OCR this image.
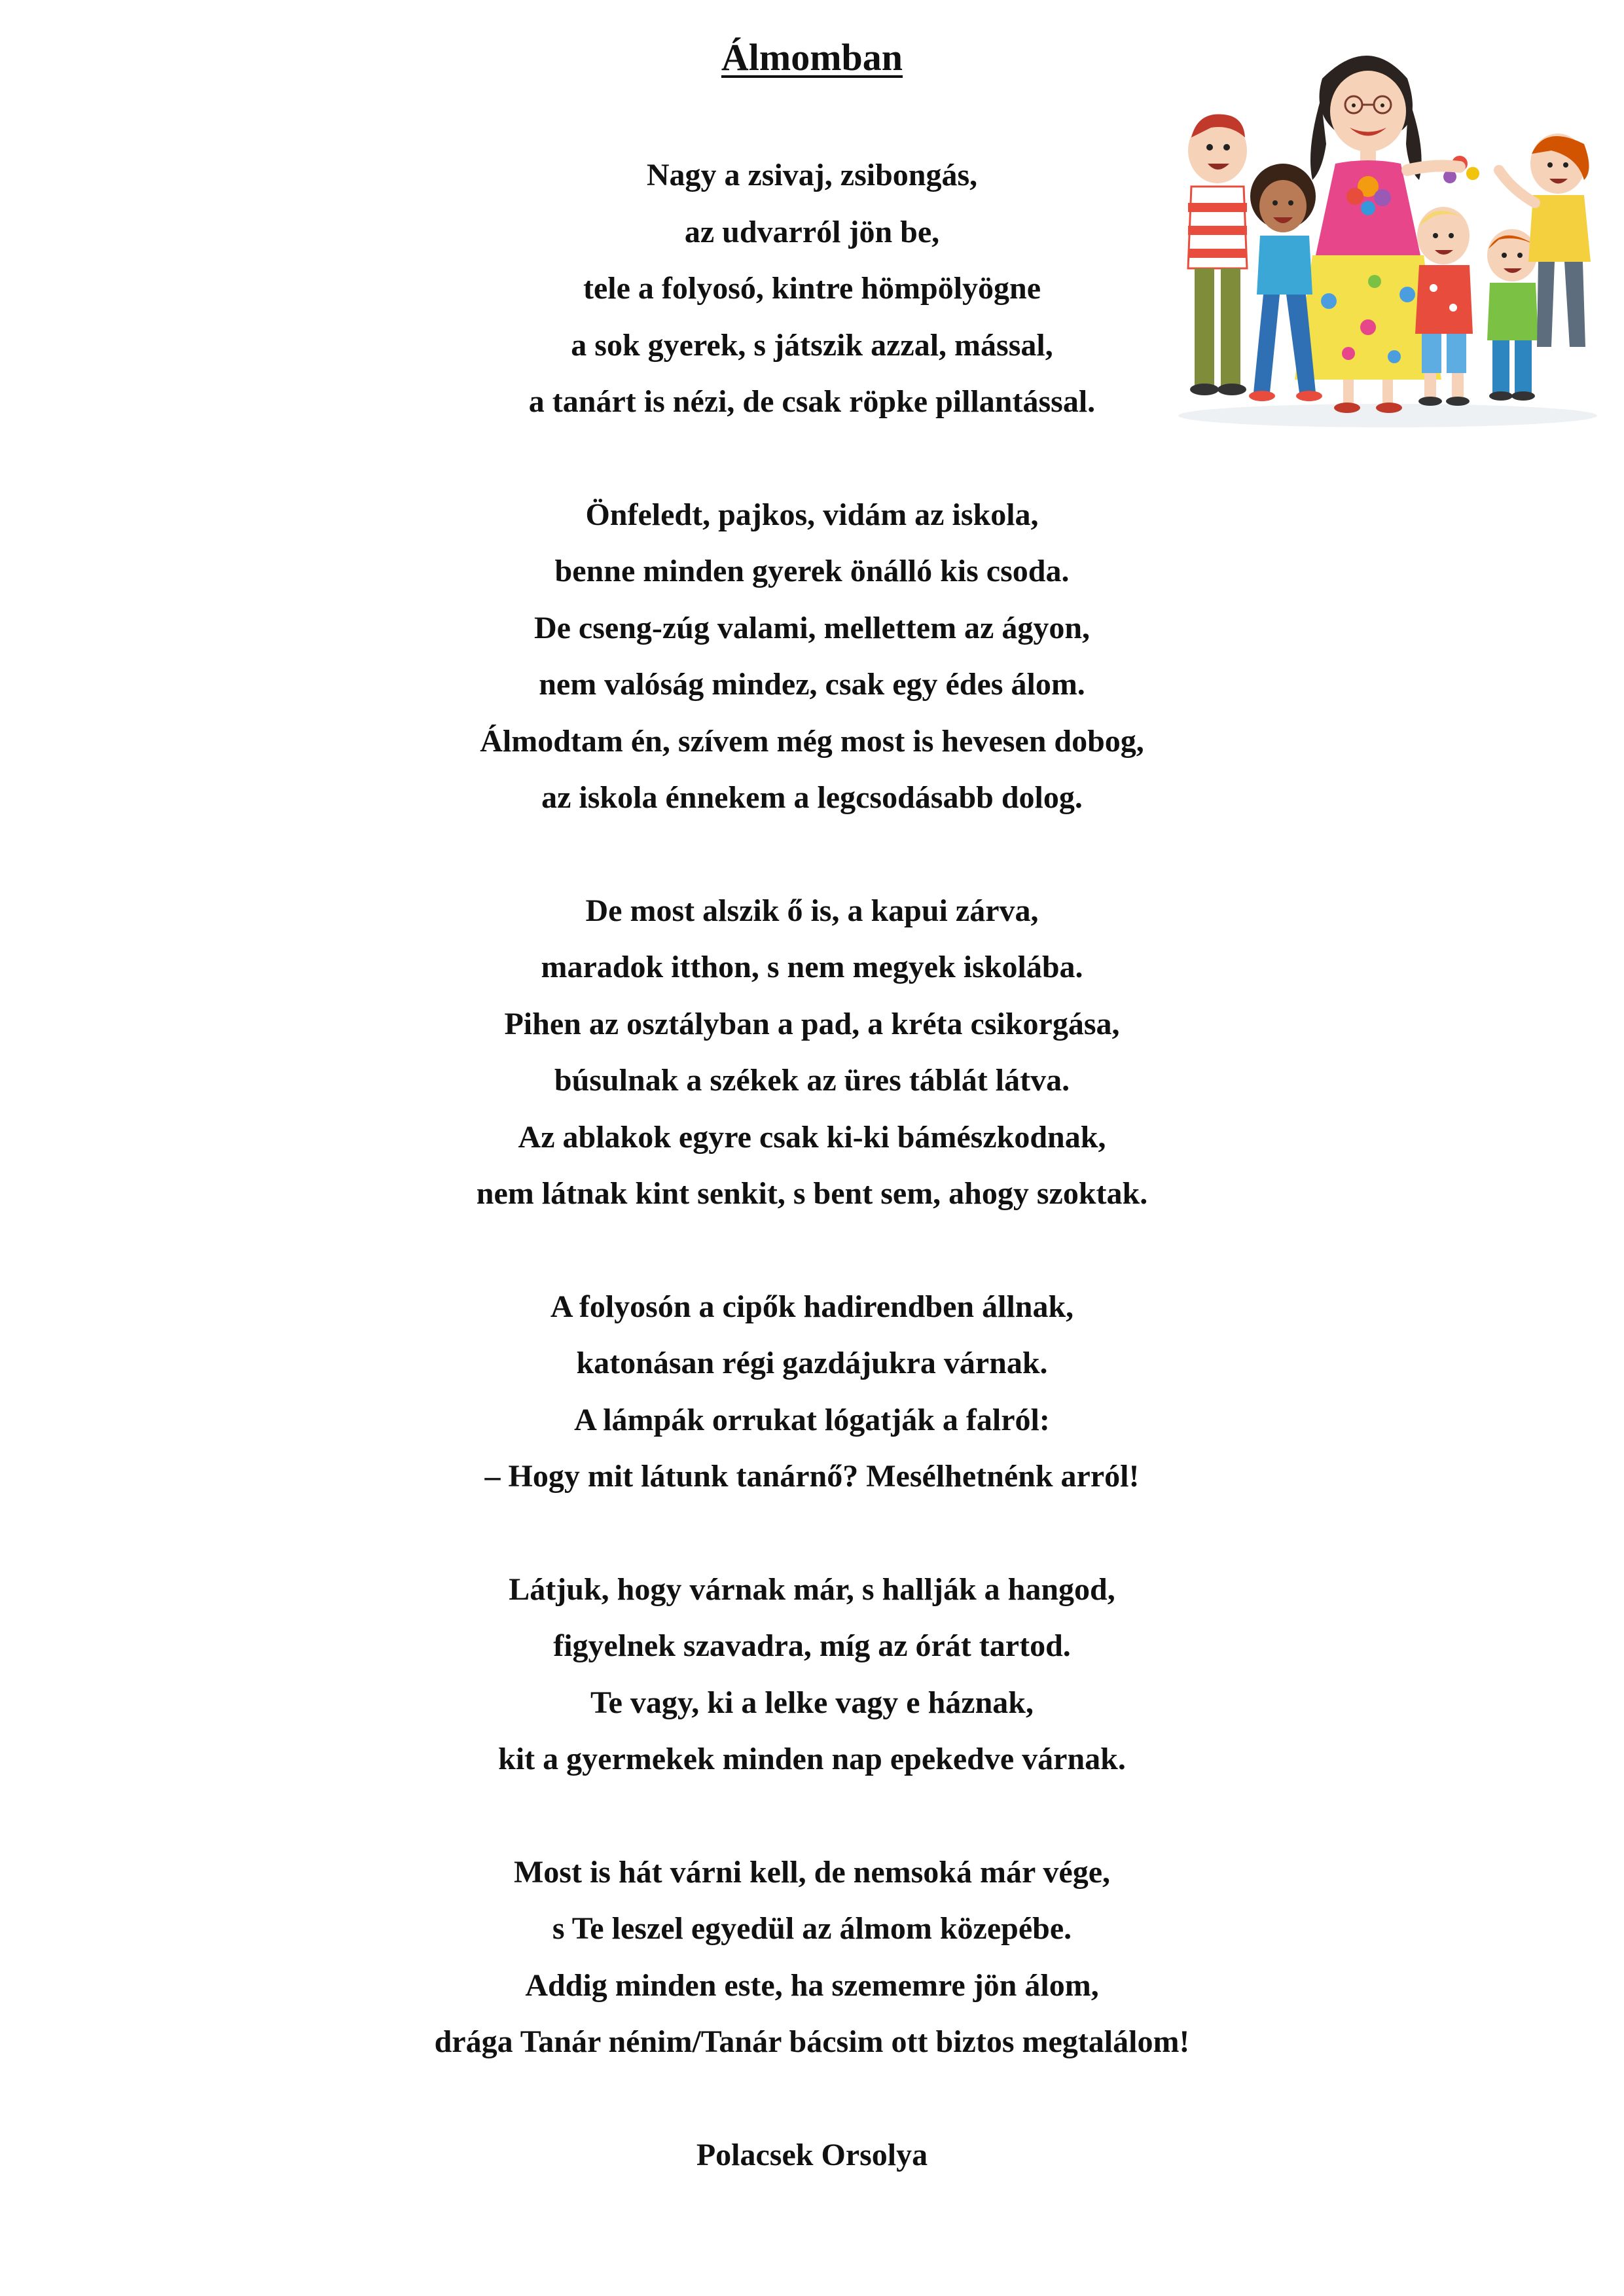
Álmomban
Nagy a zsivaj, zsibongás,
az udvarról jön be,
tele a folyosó, kintre hömpölyögne
a sok gyerek, s játszik azzal, mással,
a tanárt is nézi, de csak röpke pillantással.
Önfeledt, pajkos, vidám az iskola,
benne minden gyerek önálló kis csoda.
De cseng-zúg valami, mellettem az ágyon,
nem valóság mindez, csak egy édes álom.
Álmodtam én, szívem még most is hevesen dobog,
az iskola énnekem a legcsodásabb dolog.
De most alszik ő is, a kapui zárva,
maradok itthon, s nem megyek iskolába.
Pihen az osztályban a pad, a kréta csikorgása,
búsulnak a székek az üres táblát látva.
Az ablakok egyre csak ki-ki bámészkodnak,
nem látnak kint senkit, s bent sem, ahogy szoktak.
A folyosón a cipők hadirendben állnak,
katonásan régi gazdájukra várnak.
A lámpák orrukat lógatják a falról:
– Hogy mit látunk tanárnő? Mesélhetnénk arról!
Látjuk, hogy várnak már, s hallják a hangod,
figyelnek szavadra, míg az órát tartod.
Te vagy, ki a lelke vagy e háznak,
kit a gyermekek minden nap epekedve várnak.
Most is hát várni kell, de nemsoká már vége,
s Te leszel egyedül az álmom közepébe.
Addig minden este, ha szememre jön álom,
drága Tanár nénim/Tanár bácsim ott biztos megtalálom!
Polacsek Orsolya
